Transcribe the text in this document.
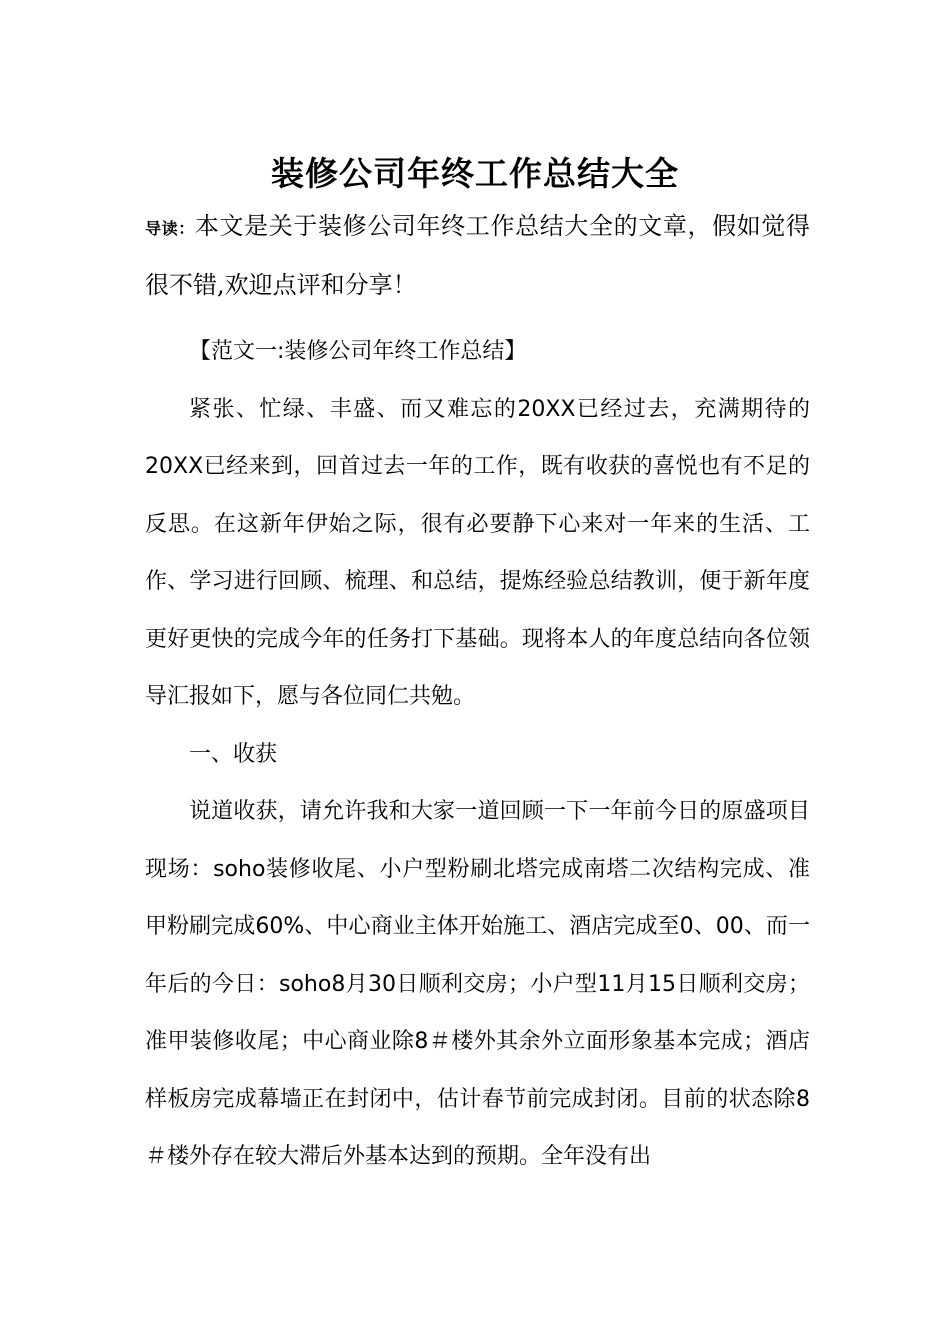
装修公司年终工作总结大全
导读：本文是关于装修公司年终工作总结大全的文章，假如觉得很不错,欢迎点评和分享！

【范文一:装修公司年终工作总结】

紧张、忙绿、丰盛、而又难忘的20XX已经过去，充满期待的20XX已经来到，回首过去一年的工作，既有收获的喜悦也有不足的反思。在这新年伊始之际，很有必要静下心来对一年来的生活、工作、学习进行回顾、梳理、和总结，提炼经验总结教训，便于新年度更好更快的完成今年的任务打下基础。现将本人的年度总结向各位领导汇报如下，愿与各位同仁共勉。

一、收获

说道收获，请允许我和大家一道回顾一下一年前今日的原盛项目现场：soho装修收尾、小户型粉刷北塔完成南塔二次结构完成、准甲粉刷完成60%、中心商业主体开始施工、酒店完成至0、00、而一年后的今日：soho8月30日顺利交房；小户型11月15日顺利交房；准甲装修收尾；中心商业除8＃楼外其余外立面形象基本完成；酒店样板房完成幕墙正在封闭中，估计春节前完成封闭。目前的状态除8＃楼外存在较大滞后外基本达到的预期。全年没有出
